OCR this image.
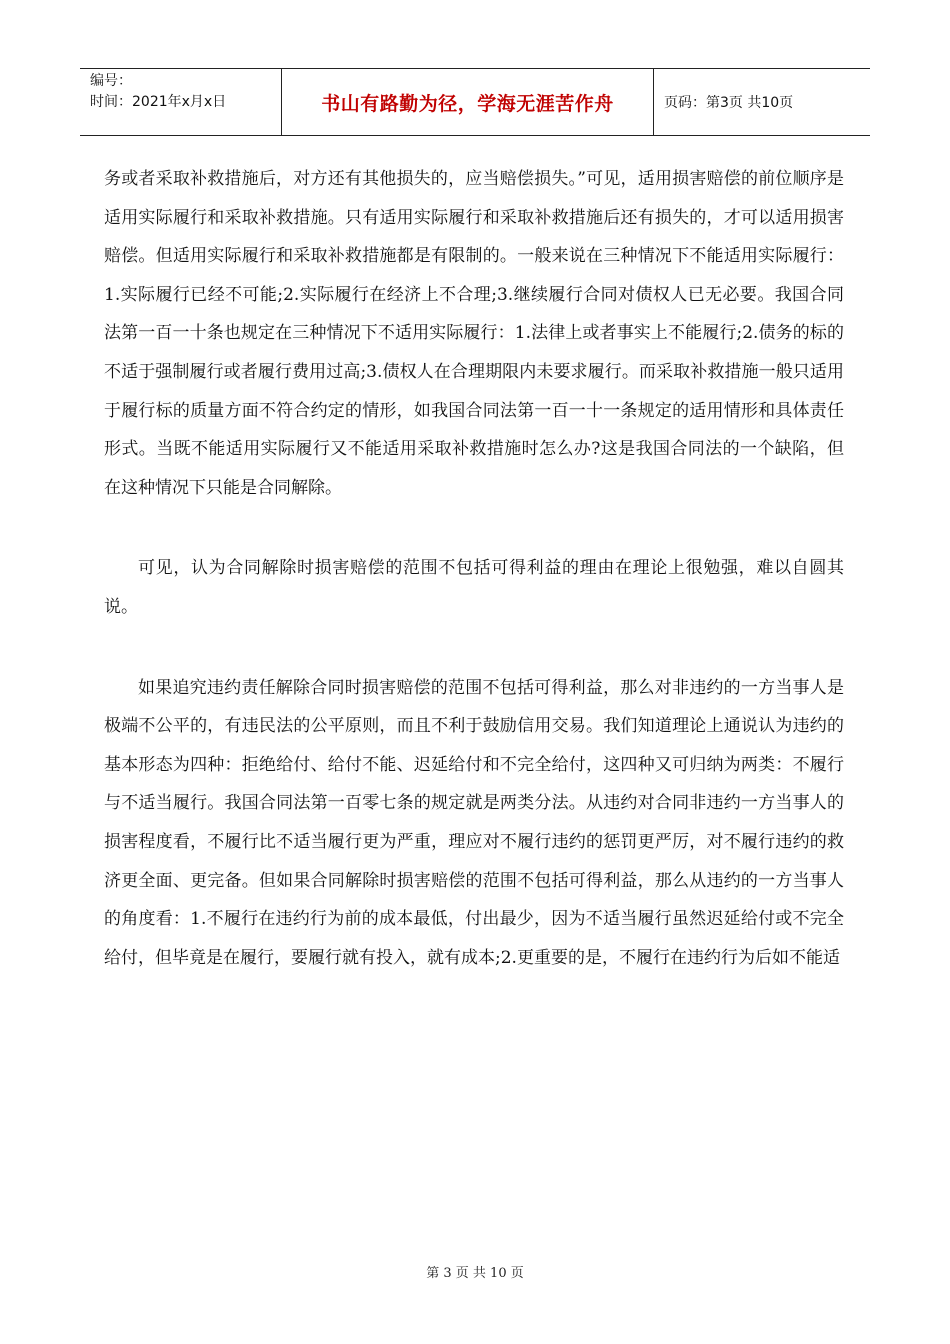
编号：
时间：2021年x月x日	书山有路勤为径，学海无涯苦作舟	页码：第3页 共10页

务或者采取补救措施后，对方还有其他损失的，应当赔偿损失。”可见，适用损害赔偿的前位顺序是适用实际履行和采取补救措施。只有适用实际履行和采取补救措施后还有损失的，才可以适用损害赔偿。但适用实际履行和采取补救措施都是有限制的。一般来说在三种情况下不能适用实际履行：1.实际履行已经不可能;2.实际履行在经济上不合理;3.继续履行合同对债权人已无必要。我国合同法第一百一十条也规定在三种情况下不适用实际履行：1.法律上或者事实上不能履行;2.债务的标的不适于强制履行或者履行费用过高;3.债权人在合理期限内未要求履行。而采取补救措施一般只适用于履行标的质量方面不符合约定的情形，如我国合同法第一百一十一条规定的适用情形和具体责任形式。当既不能适用实际履行又不能适用采取补救措施时怎么办?这是我国合同法的一个缺陷，但在这种情况下只能是合同解除。

可见，认为合同解除时损害赔偿的范围不包括可得利益的理由在理论上很勉强，难以自圆其说。

如果追究违约责任解除合同时损害赔偿的范围不包括可得利益，那么对非违约的一方当事人是极端不公平的，有违民法的公平原则，而且不利于鼓励信用交易。我们知道理论上通说认为违约的基本形态为四种：拒绝给付、给付不能、迟延给付和不完全给付，这四种又可归纳为两类：不履行与不适当履行。我国合同法第一百零七条的规定就是两类分法。从违约对合同非违约一方当事人的损害程度看，不履行比不适当履行更为严重，理应对不履行违约的惩罚更严厉，对不履行违约的救济更全面、更完备。但如果合同解除时损害赔偿的范围不包括可得利益，那么从违约的一方当事人的角度看：1.不履行在违约行为前的成本最低，付出最少，因为不适当履行虽然迟延给付或不完全给付，但毕竟是在履行，要履行就有投入，就有成本;2.更重要的是，不履行在违约行为后如不能适

第 3 页 共 10 页
